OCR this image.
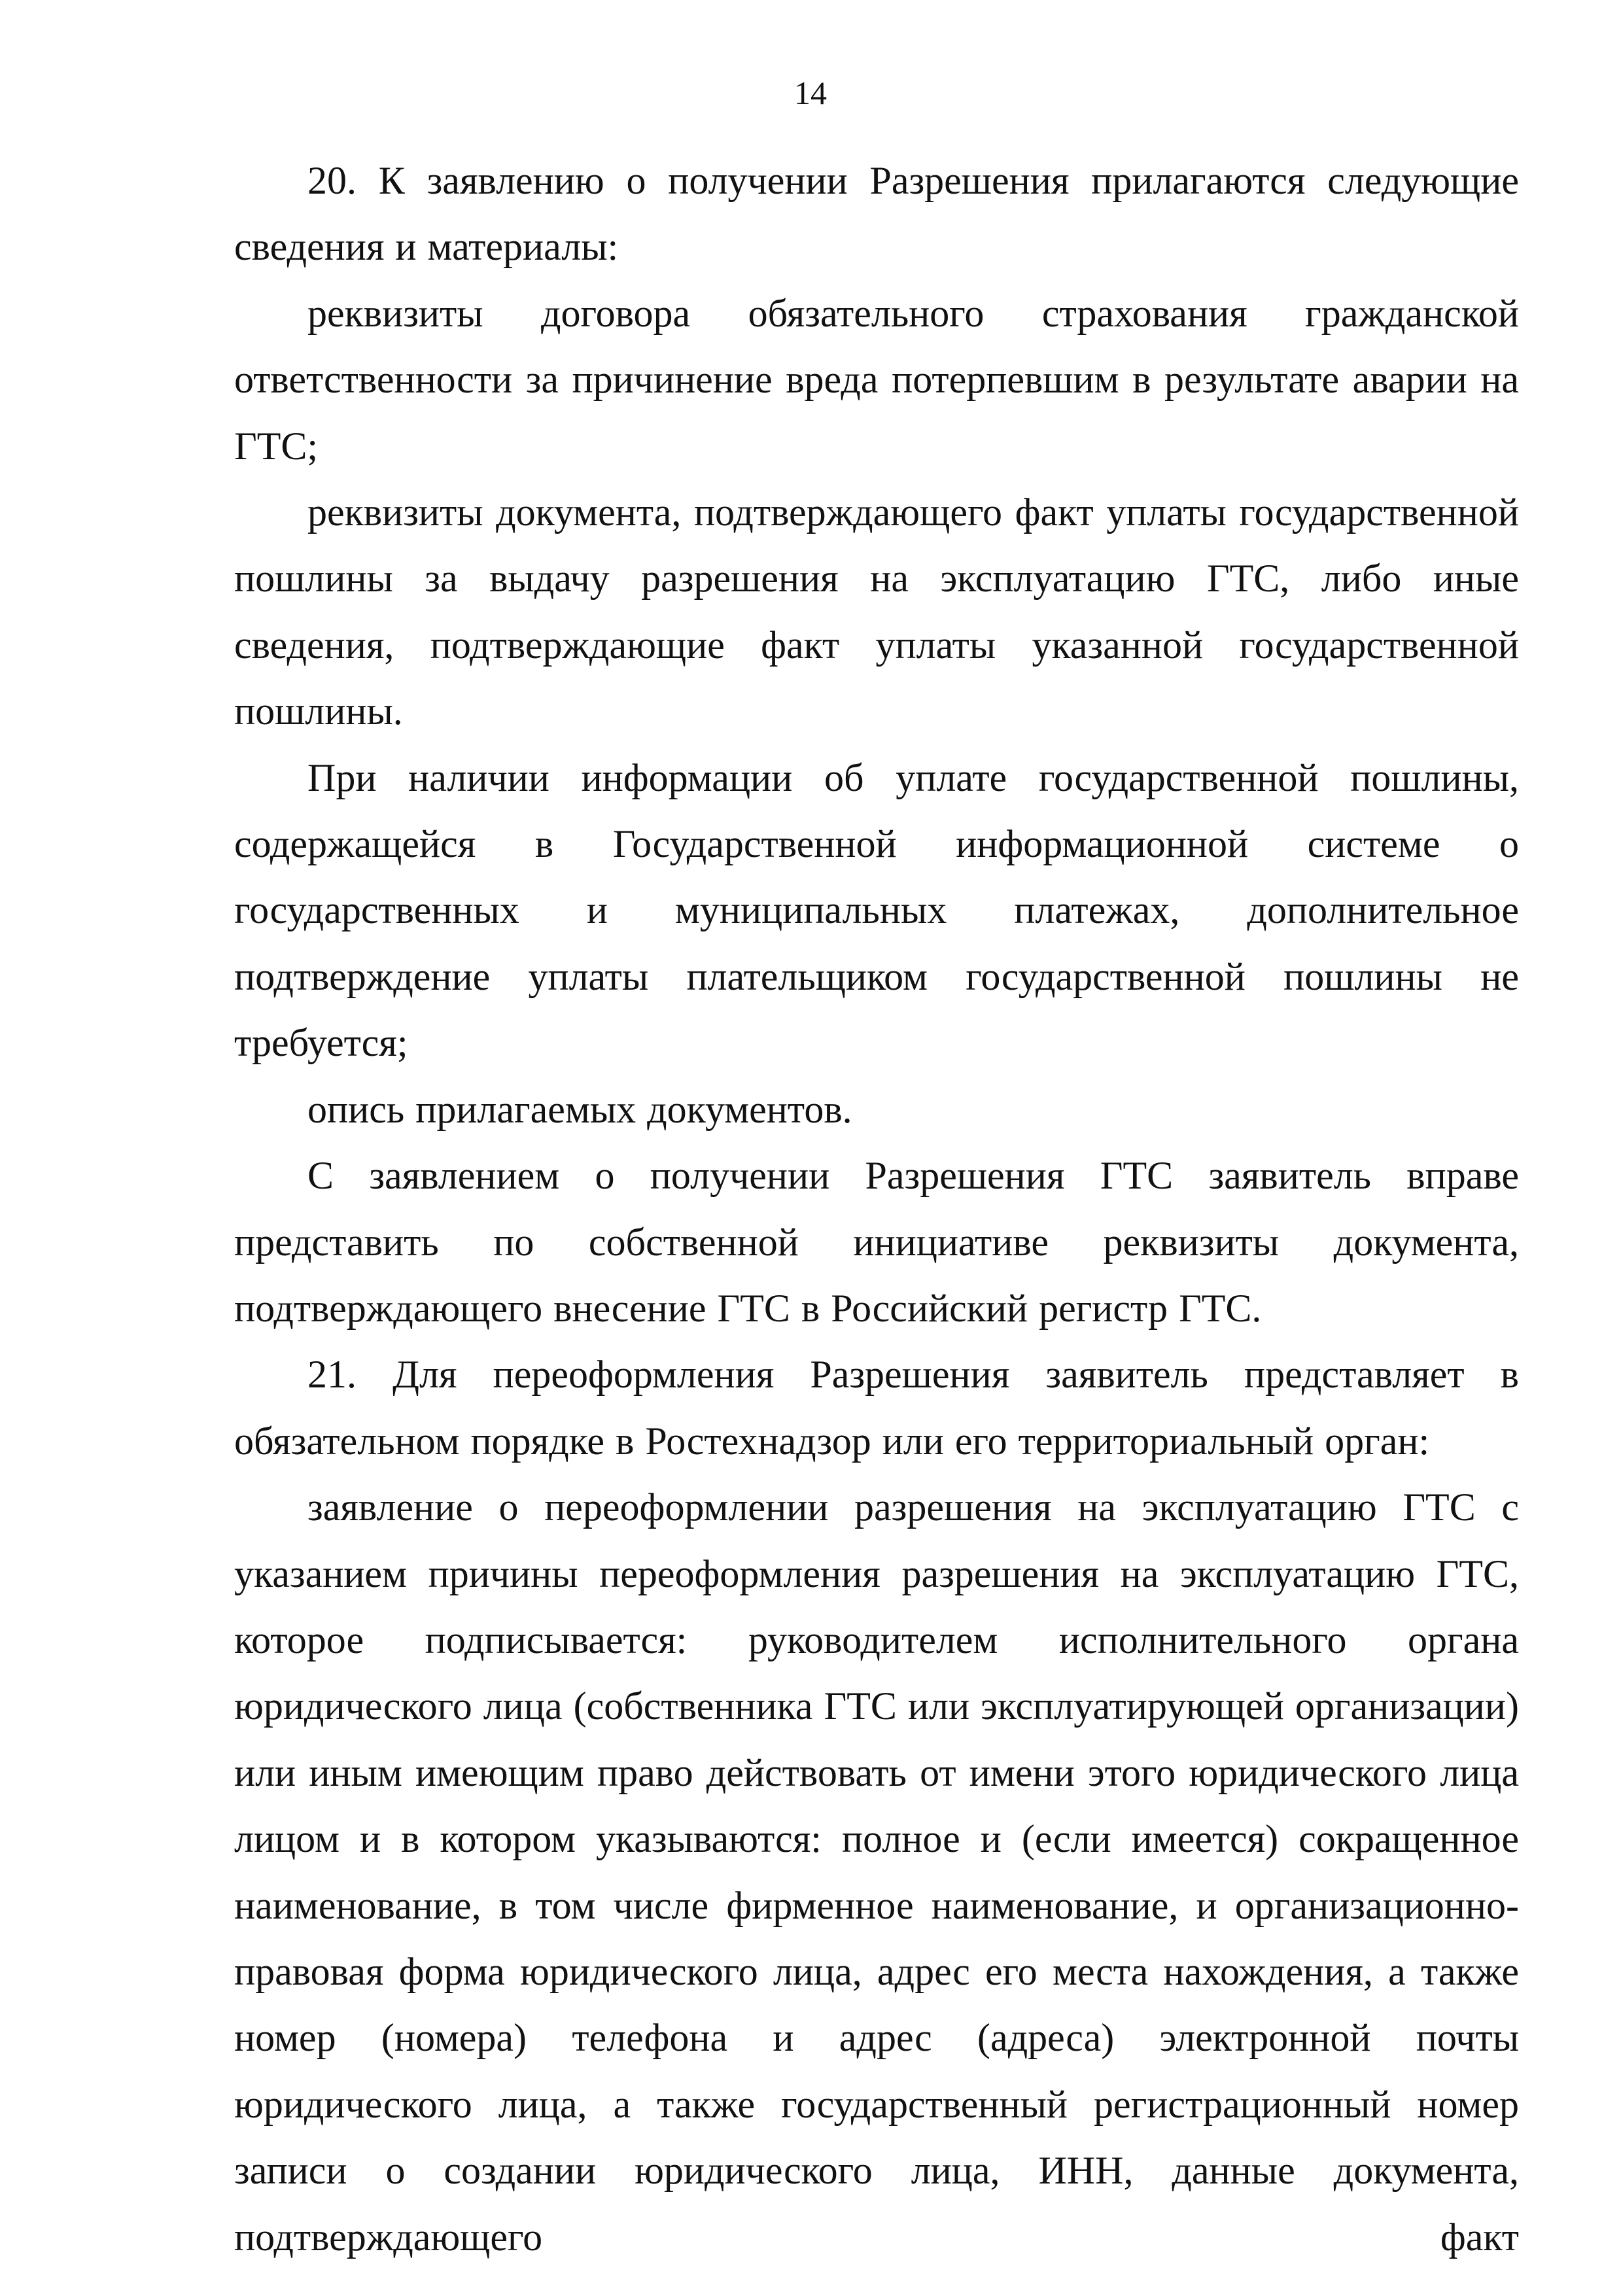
14

20. К заявлению о получении Разрешения прилагаются следующие сведения и материалы:

реквизиты договора обязательного страхования гражданской ответственности за причинение вреда потерпевшим в результате аварии на ГТС;

реквизиты документа, подтверждающего факт уплаты государственной пошлины за выдачу разрешения на эксплуатацию ГТС, либо иные сведения, подтверждающие факт уплаты указанной государственной пошлины.

При наличии информации об уплате государственной пошлины, содержащейся в Государственной информационной системе о государственных и муниципальных платежах, дополнительное подтверждение уплаты плательщиком государственной пошлины не требуется;

опись прилагаемых документов.

С заявлением о получении Разрешения ГТС заявитель вправе представить по собственной инициативе реквизиты документа, подтверждающего внесение ГТС в Российский регистр ГТС.

21. Для переоформления Разрешения заявитель представляет в обязательном порядке в Ростехнадзор или его территориальный орган:

заявление о переоформлении разрешения на эксплуатацию ГТС с указанием причины переоформления разрешения на эксплуатацию ГТС, которое подписывается: руководителем исполнительного органа юридического лица (собственника ГТС или эксплуатирующей организации) или иным имеющим право действовать от имени этого юридического лица лицом и в котором указываются: полное и (если имеется) сокращенное наименование, в том числе фирменное наименование, и организационно-правовая форма юридического лица, адрес его места нахождения, а также номер (номера) телефона и адрес (адреса) электронной почты юридического лица, а также государственный регистрационный номер записи о создании юридического лица, ИНН, данные документа, подтверждающего факт
